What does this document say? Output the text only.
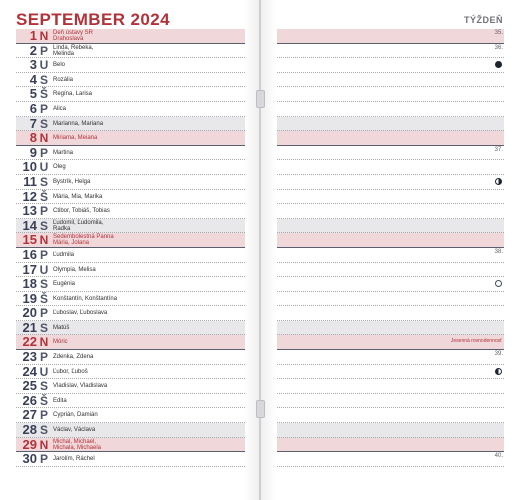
SEPTEMBER 2024
1 N Deň ústavy SR
Drahoslava
2 P Linda, Rebeka,
Melinda
3 U Belo
4 S Rozália
5 Š Regína, Larisa
6 P Alica
7 S Marianna, Mariana
8 N Miriama, Meiana
9 P Martina
10 U Oleg
11 S Bystrík, Helga
12 Š Mária, Mia, Marika
13 P Ctibor, Tobiáš, Tobias
14 S Ľudomil, Ľudomila,
Radka
15 N Sedembolestná Panna
Mária, Jolana
16 P Ľudmila
17 U Olympia, Melisa
18 S Eugénia
19 Š Konštantín, Konštantína
20 P Ľuboslav, Ľuboslava
21 S Matúš
22 N Móric
23 P Zdenka, Zdena
24 U Ľubor, Ľuboš
25 S Vladislav, Vladislava
26 Š Edita
27 P Cyprián, Damián
28 S Václav, Václava
29 N Michal, Michael,
Michala, Michaela
30 P Jarolím, Ráchel
TÝŽDEŇ
35.
36.
37.
38.
Jesenná rovnodennosť
39.
40.
